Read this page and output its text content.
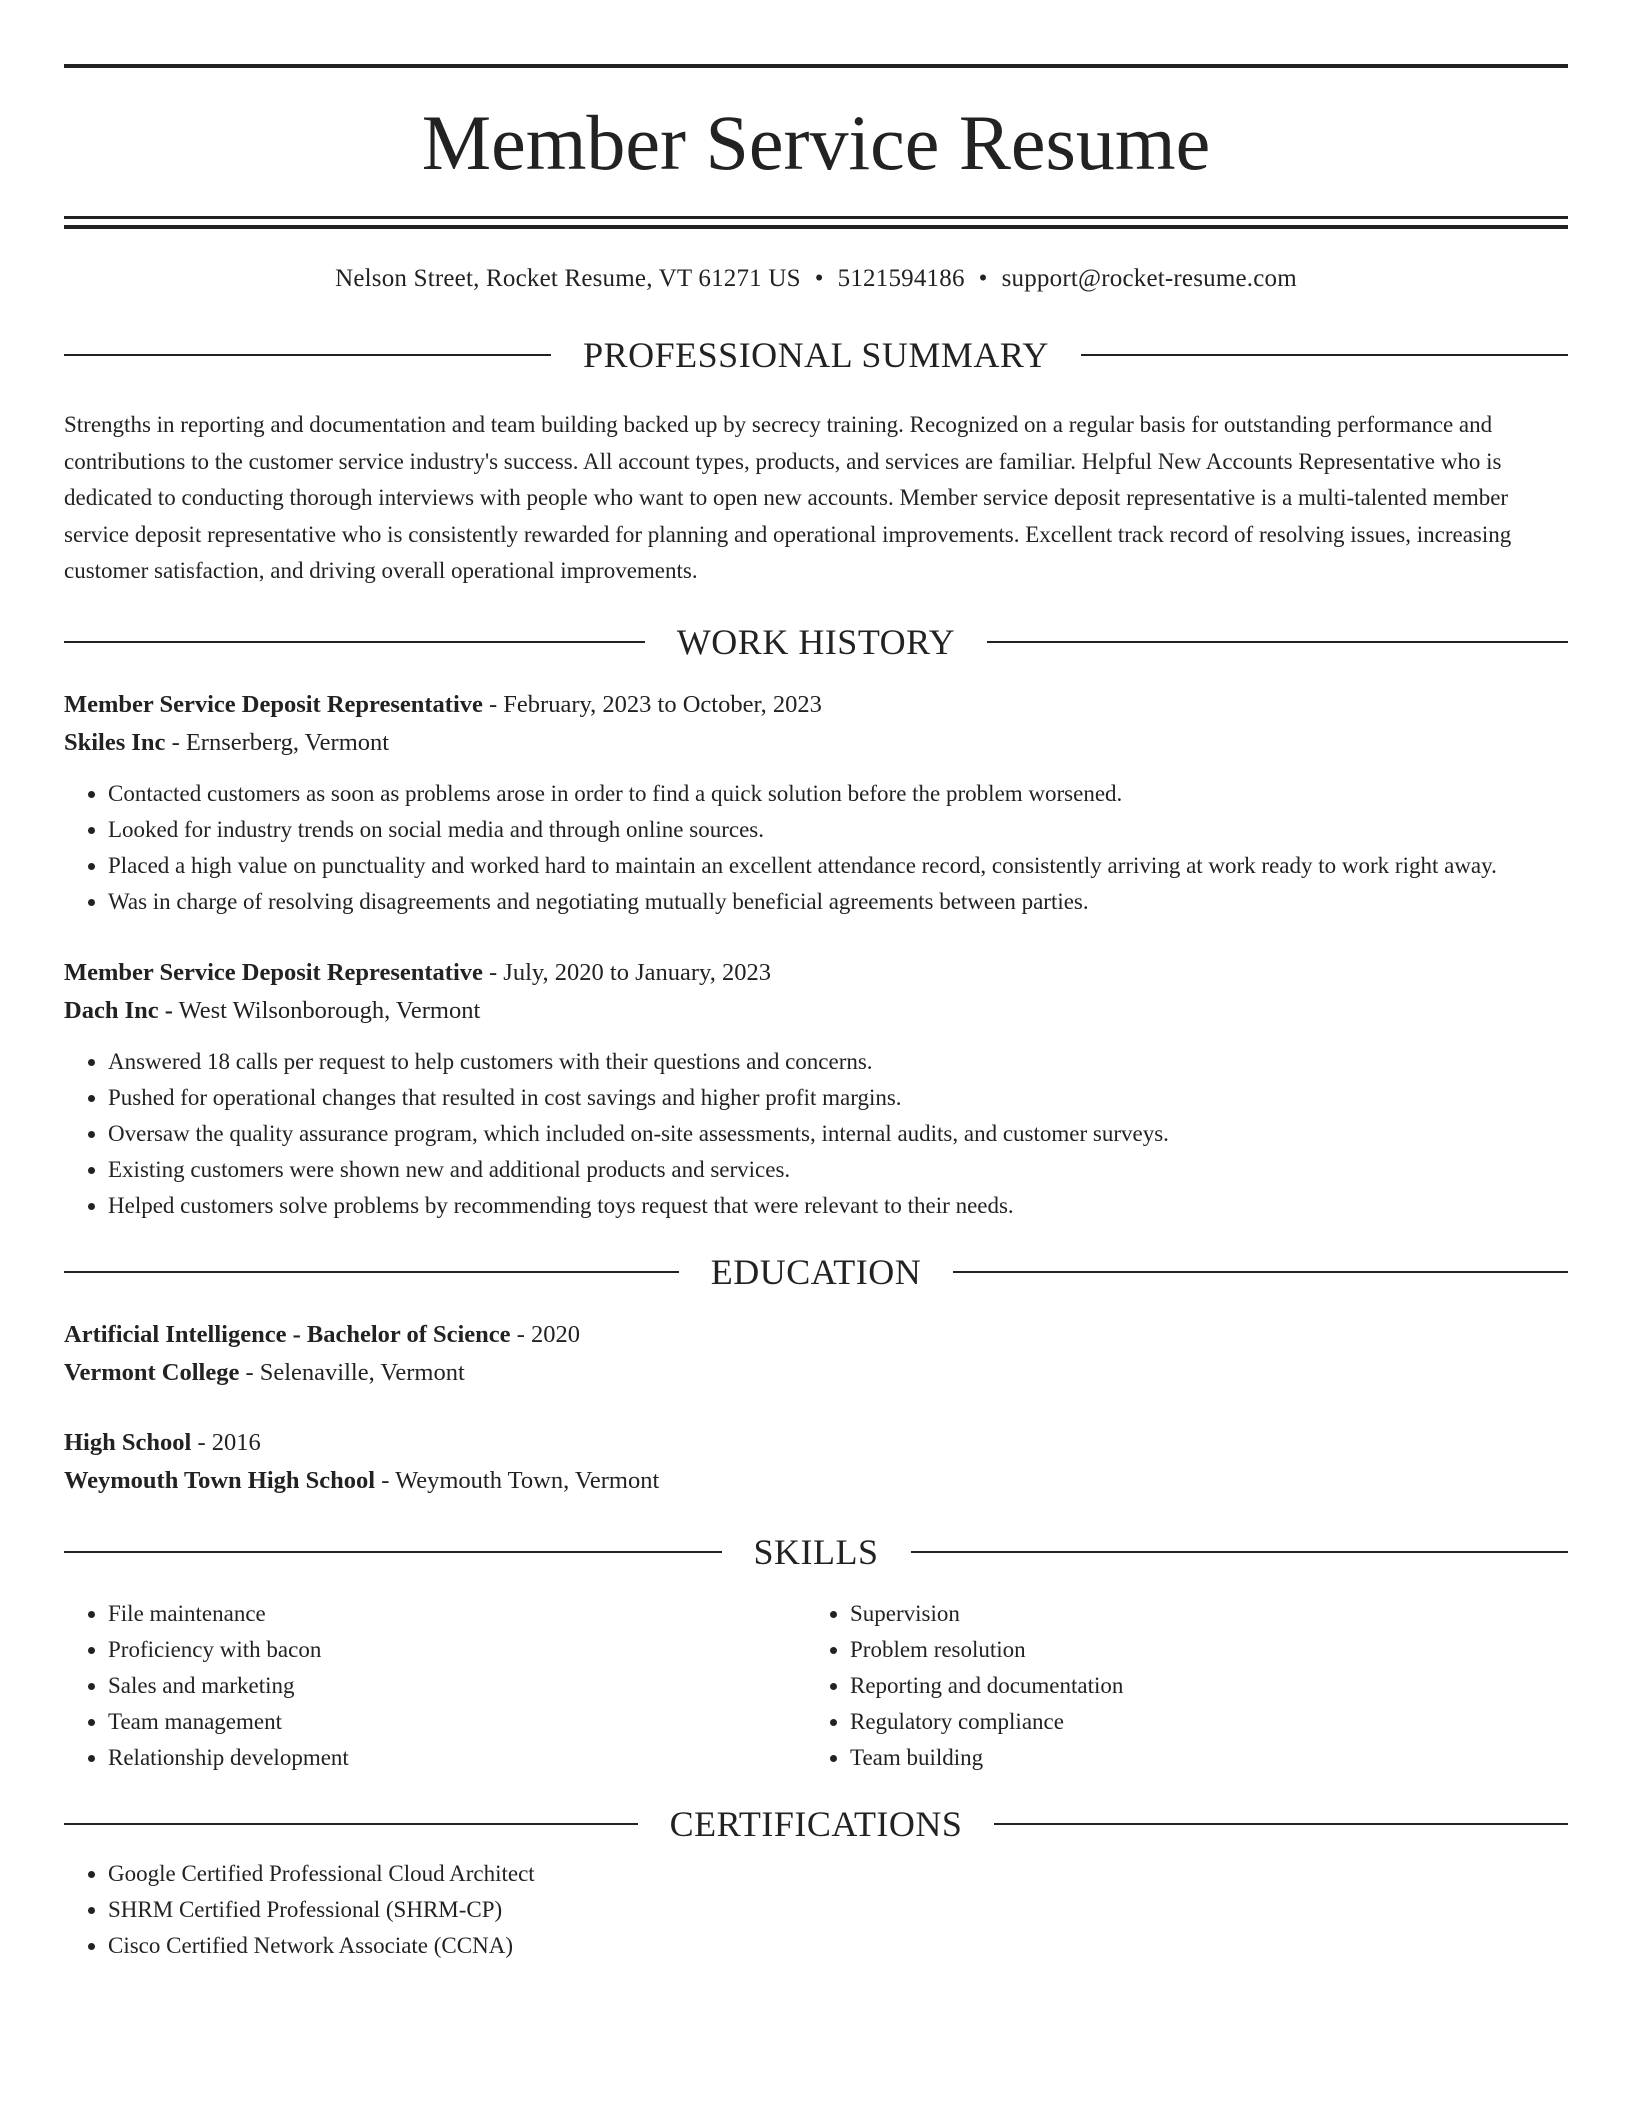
Member Service Resume
Nelson Street, Rocket Resume, VT 61271 US • 5121594186 • support@rocket-resume.com
PROFESSIONAL SUMMARY
Strengths in reporting and documentation and team building backed up by secrecy training. Recognized on a regular basis for outstanding performance and contributions to the customer service industry's success. All account types, products, and services are familiar. Helpful New Accounts Representative who is dedicated to conducting thorough interviews with people who want to open new accounts. Member service deposit representative is a multi-talented member service deposit representative who is consistently rewarded for planning and operational improvements. Excellent track record of resolving issues, increasing customer satisfaction, and driving overall operational improvements.
WORK HISTORY
Member Service Deposit Representative - February, 2023 to October, 2023
Skiles Inc - Ernserberg, Vermont
• Contacted customers as soon as problems arose in order to find a quick solution before the problem worsened.
• Looked for industry trends on social media and through online sources.
• Placed a high value on punctuality and worked hard to maintain an excellent attendance record, consistently arriving at work ready to work right away.
• Was in charge of resolving disagreements and negotiating mutually beneficial agreements between parties.
Member Service Deposit Representative - July, 2020 to January, 2023
Dach Inc - West Wilsonborough, Vermont
• Answered 18 calls per request to help customers with their questions and concerns.
• Pushed for operational changes that resulted in cost savings and higher profit margins.
• Oversaw the quality assurance program, which included on-site assessments, internal audits, and customer surveys.
• Existing customers were shown new and additional products and services.
• Helped customers solve problems by recommending toys request that were relevant to their needs.
EDUCATION
Artificial Intelligence - Bachelor of Science - 2020
Vermont College - Selenaville, Vermont
High School - 2016
Weymouth Town High School - Weymouth Town, Vermont
SKILLS
• File maintenance
• Proficiency with bacon
• Sales and marketing
• Team management
• Relationship development
• Supervision
• Problem resolution
• Reporting and documentation
• Regulatory compliance
• Team building
CERTIFICATIONS
• Google Certified Professional Cloud Architect
• SHRM Certified Professional (SHRM-CP)
• Cisco Certified Network Associate (CCNA)
